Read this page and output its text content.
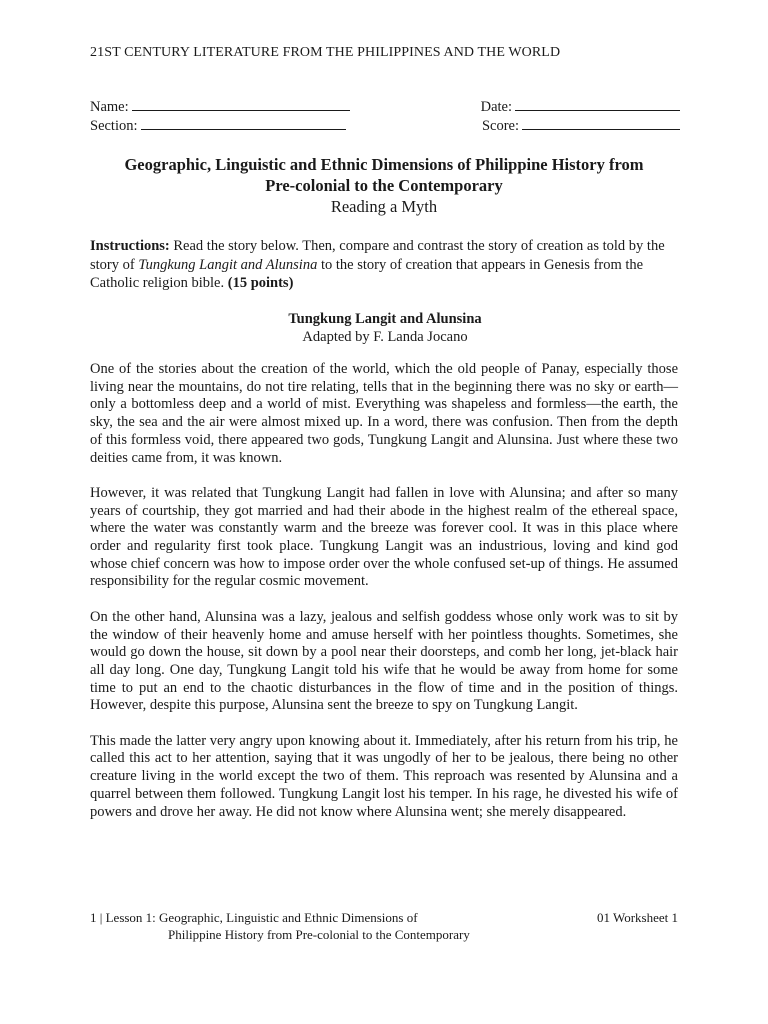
21ST CENTURY LITERATURE FROM THE PHILIPPINES AND THE WORLD
Name:	Date:
Section:	Score:
Geographic, Linguistic and Ethnic Dimensions of Philippine History from
Pre-colonial to the Contemporary
Reading a Myth
Instructions: Read the story below. Then, compare and contrast the story of creation as told by the story of Tungkung Langit and Alunsina to the story of creation that appears in Genesis from the Catholic religion bible. (15 points)
Tungkung Langit and Alunsina
Adapted by F. Landa Jocano

One of the stories about the creation of the world, which the old people of Panay, especially those living near the mountains, do not tire relating, tells that in the beginning there was no sky or earth—only a bottomless deep and a world of mist. Everything was shapeless and formless—the earth, the sky, the sea and the air were almost mixed up. In a word, there was confusion. Then from the depth of this formless void, there appeared two gods, Tungkung Langit and Alunsina. Just where these two deities came from, it was known.

However, it was related that Tungkung Langit had fallen in love with Alunsina; and after so many years of courtship, they got married and had their abode in the highest realm of the ethereal space, where the water was constantly warm and the breeze was forever cool. It was in this place where order and regularity first took place. Tungkung Langit was an industrious, loving and kind god whose chief concern was how to impose order over the whole confused set-up of things. He assumed responsibility for the regular cosmic movement.

On the other hand, Alunsina was a lazy, jealous and selfish goddess whose only work was to sit by the window of their heavenly home and amuse herself with her pointless thoughts. Sometimes, she would go down the house, sit down by a pool near their doorsteps, and comb her long, jet-black hair all day long. One day, Tungkung Langit told his wife that he would be away from home for some time to put an end to the chaotic disturbances in the flow of time and in the position of things. However, despite this purpose, Alunsina sent the breeze to spy on Tungkung Langit.

This made the latter very angry upon knowing about it. Immediately, after his return from his trip, he called this act to her attention, saying that it was ungodly of her to be jealous, there being no other creature living in the world except the two of them. This reproach was resented by Alunsina and a quarrel between them followed. Tungkung Langit lost his temper. In his rage, he divested his wife of powers and drove her away. He did not know where Alunsina went; she merely disappeared.

1 | Lesson 1: Geographic, Linguistic and Ethnic Dimensions of
Philippine History from Pre-colonial to the Contemporary
01 Worksheet 1
